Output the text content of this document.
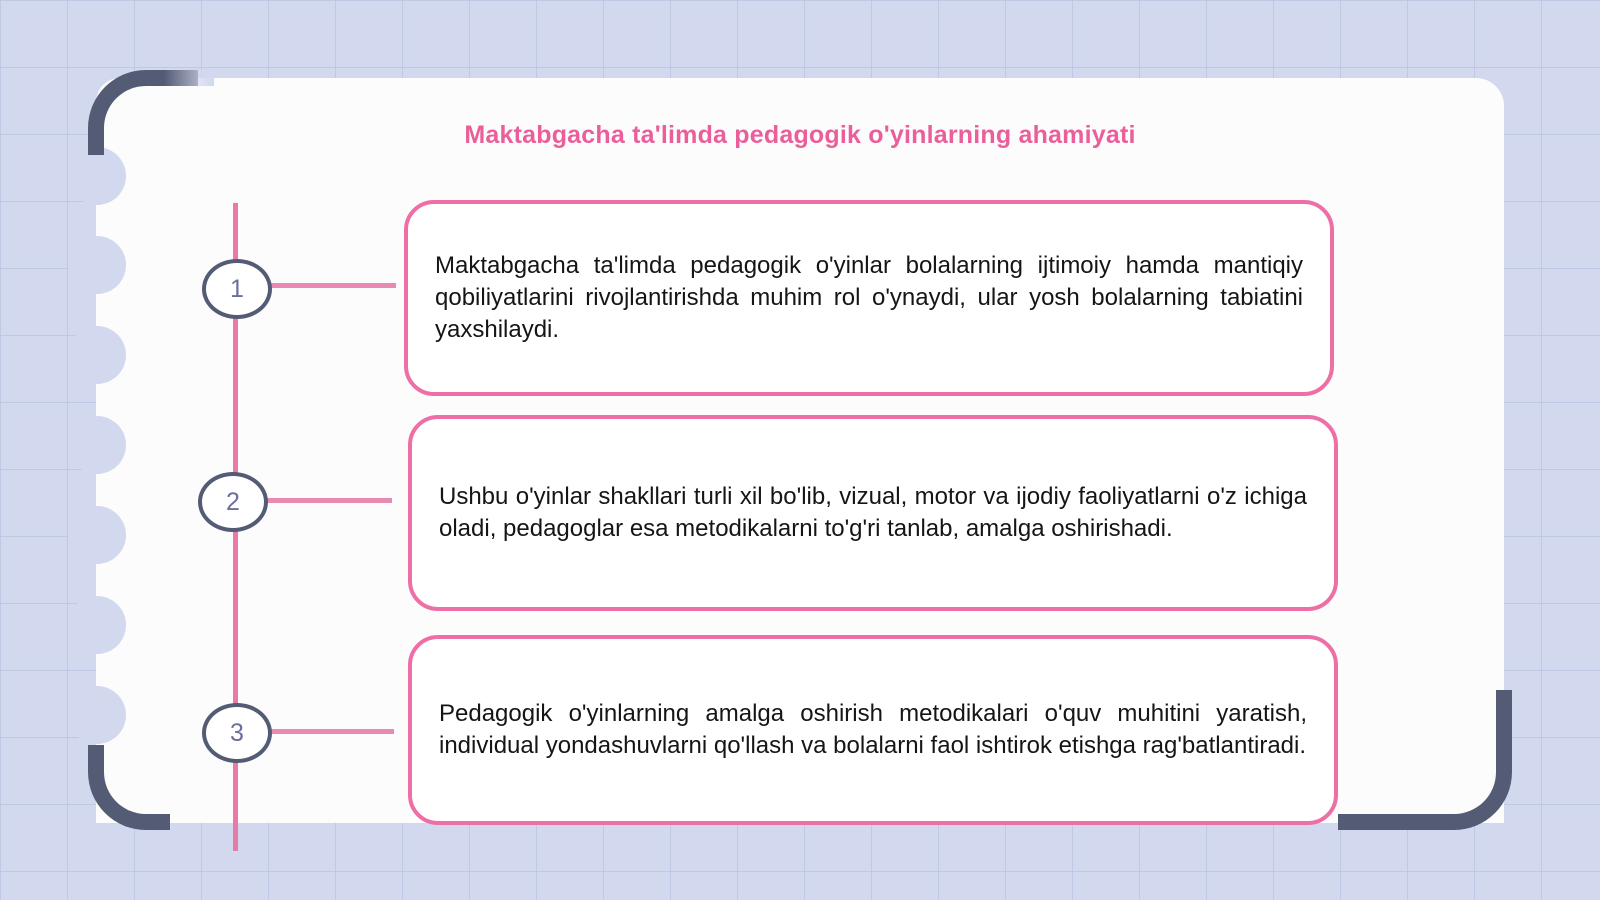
Maktabgacha ta'limda pedagogik o'yinlarning ahamiyati
1

Maktabgacha ta'limda pedagogik o'yinlar bolalarning ijtimoiy hamda mantiqiy qobiliyatlarini rivojlantirishda muhim rol o'ynaydi, ular yosh bolalarning tabiatini yaxshilaydi.

2	Ushbu o'yinlar shakllari turli xil bo'lib, vizual, motor va ijodiy faoliyatlarni o'z ichiga oladi, pedagoglar esa metodikalarni to'g'ri tanlab, amalga oshirishadi.

3

Pedagogik o'yinlarning amalga oshirish metodikalari o'quv muhitini yaratish, individual yondashuvlarni qo'llash va bolalarni faol ishtirok etishga rag'batlantiradi.
